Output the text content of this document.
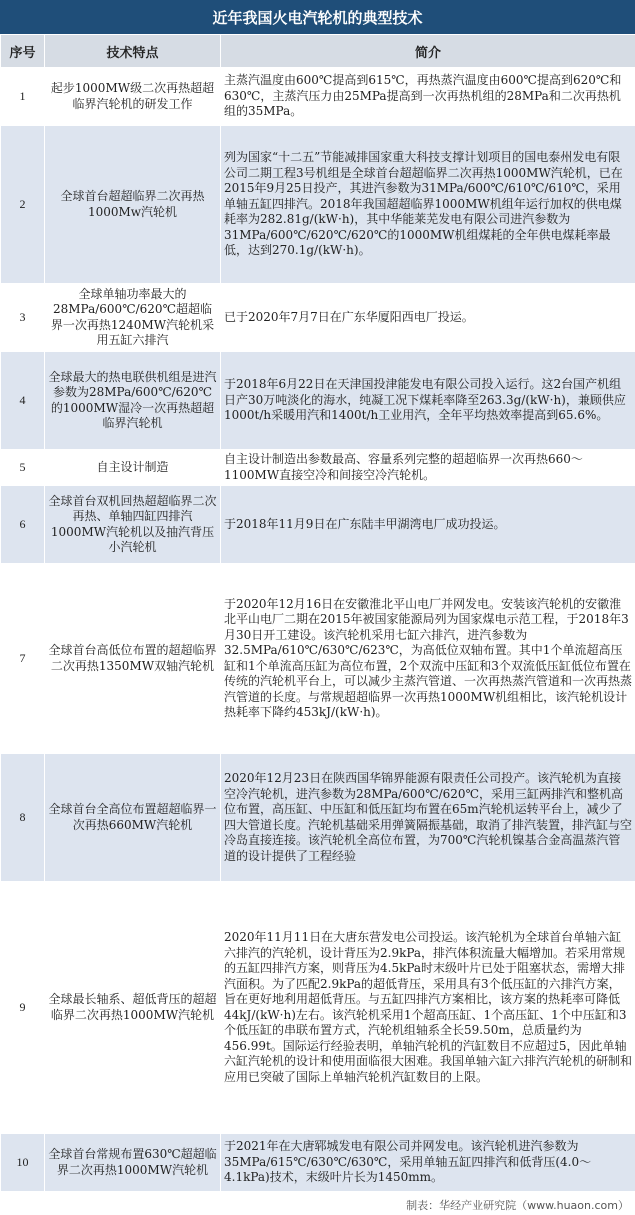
近年我国火电汽轮机的典型技术
序号	技术特点	简介
1	起步1000MW级二次再热超超临界汽轮机的研发工作	主蒸汽温度由600℃提高到615℃，再热蒸汽温度由600℃提高到620℃和630℃，主蒸汽压力由25MPa提高到一次再热机组的28MPa和二次再热机组的35MPa。
2	全球首台超超临界二次再热1000Mw汽轮机	列为国家“十二五”节能减排国家重大科技支撑计划项目的国电泰州发电有限公司二期工程3号机组是全球首台超超临界二次再热1000MW汽轮机，已在2015年9月25日投产，其进汽参数为31MPa/600℃/610℃/610℃，采用单轴五缸四排汽。2018年我国超超临界1000MW机组年运行加权的供电煤耗率为282.81g/(kW·h)，其中华能莱芜发电有限公司进汽参数为31MPa/600℃/620℃/620℃的1000MW机组煤耗的全年供电煤耗率最低，达到270.1g/(kW·h)。
3	全球单轴功率最大的28MPa/600℃/620℃超超临界一次再热1240MW汽轮机采用五缸六排汽	已于2020年7月7日在广东华厦阳西电厂投运。
4	全球最大的热电联供机组是进汽参数为28MPa/600℃/620℃的1000MW湿冷一次再热超超临界汽轮机	于2018年6月22日在天津国投津能发电有限公司投入运行。这2台国产机组日产30万吨淡化的海水，纯凝工况下煤耗率降至263.3g/(kW·h)，兼顾供应1000t/h采暖用汽和1400t/h工业用汽，全年平均热效率提高到65.6%。
5	自主设计制造	自主设计制造出参数最高、容量系列完整的超超临界一次再热660～1100MW直接空冷和间接空冷汽轮机。
6	全球首台双机回热超超临界二次再热、单轴四缸四排汽1000MW汽轮机以及抽汽背压小汽轮机	于2018年11月9日在广东陆丰甲湖湾电厂成功投运。
7	全球首台高低位布置的超超临界二次再热1350MW双轴汽轮机	于2020年12月16日在安徽淮北平山电厂并网发电。安装该汽轮机的安徽淮北平山电厂二期在2015年被国家能源局列为国家煤电示范工程，于2018年3月30日开工建设。该汽轮机采用七缸六排汽，进汽参数为32.5MPa/610℃/630℃/623℃，为高低位双轴布置。其中1个单流超高压缸和1个单流高压缸为高位布置，2个双流中压缸和3个双流低压缸低位布置在传统的汽轮机平台上，可以减少主蒸汽管道、一次再热蒸汽管道和一次再热蒸汽管道的长度。与常规超超临界一次再热1000MW机组相比，该汽轮机设计热耗率下降约453kJ/(kW·h)。
8	全球首台全高位布置超超临界一次再热660MW汽轮机	2020年12月23日在陕西国华锦界能源有限责任公司投产。该汽轮机为直接空冷汽轮机，进汽参数为28MPa/600℃/620℃，采用三缸两排汽和整机高位布置，高压缸、中压缸和低压缸均布置在65m汽轮机运转平台上，减少了四大管道长度。汽轮机基础采用弹簧隔振基础，取消了排汽装置，排汽缸与空冷岛直接连接。该汽轮机全高位布置，为700℃汽轮机镍基合金高温蒸汽管道的设计提供了工程经验
9	全球最长轴系、超低背压的超超临界二次再热1000MW汽轮机	2020年11月11日在大唐东营发电公司投运。该汽轮机为全球首台单轴六缸六排汽的汽轮机，设计背压为2.9kPa，排汽体积流量大幅增加。若采用常规的五缸四排汽方案，则背压为4.5kPa时末级叶片已处于阻塞状态，需增大排汽面积。为了匹配2.9kPa的超低背压，采用具有3个低压缸的六排汽方案，旨在更好地利用超低背压。与五缸四排汽方案相比，该方案的热耗率可降低44kJ/(kW·h)左右。该汽轮机采用1个超高压缸、1个高压缸、1个中压缸和3个低压缸的串联布置方式，汽轮机组轴系全长59.50m，总质量约为456.99t。国际运行经验表明，单轴汽轮机的汽缸数目不应超过5，因此单轴六缸汽轮机的设计和使用面临很大困难。我国单轴六缸六排汽汽轮机的研制和应用已突破了国际上单轴汽轮机汽缸数目的上限。
10	全球首台常规布置630℃超超临界二次再热1000MW汽轮机	于2021年在大唐郓城发电有限公司并网发电。该汽轮机进汽参数为35MPa/615℃/630℃/630℃，采用单轴五缸四排汽和低背压(4.0～4.1kPa)技术，末级叶片长为1450mm。
制表：华经产业研究院（www.huaon.com）
